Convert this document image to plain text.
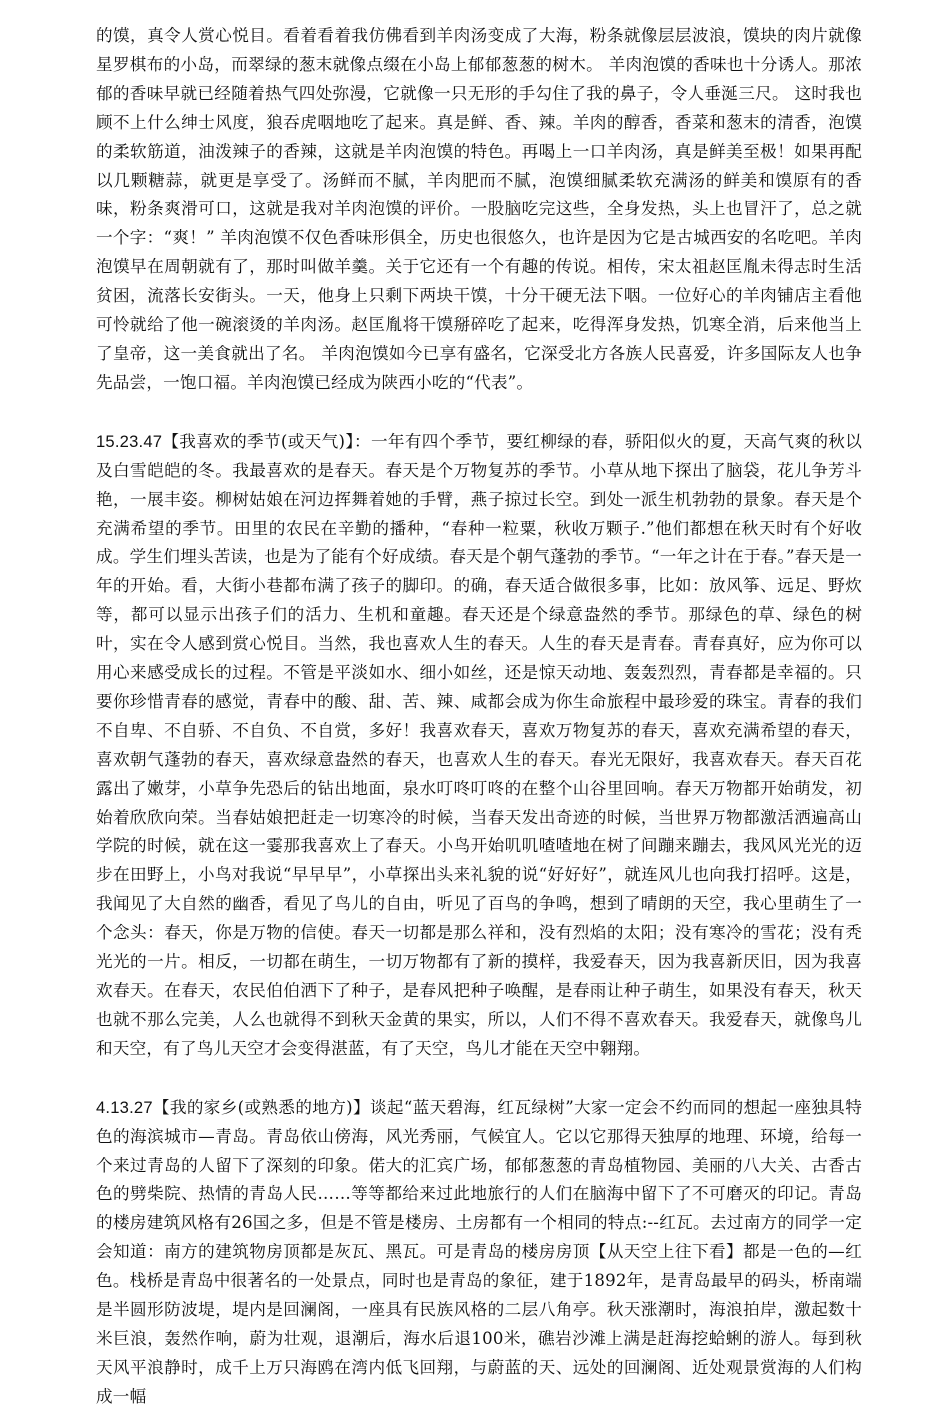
的馍，真令人赏心悦目。看着看着我仿佛看到羊肉汤变成了大海，粉条就像层层波浪，馍块的肉片就像星罗棋布的小岛，而翠绿的葱末就像点缀在小岛上郁郁葱葱的树木。 羊肉泡馍的香味也十分诱人。那浓郁的香味早就已经随着热气四处弥漫，它就像一只无形的手勾住了我的鼻子，令人垂涎三尺。 这时我也顾不上什么绅士风度，狼吞虎咽地吃了起来。真是鲜、香、辣。羊肉的醇香，香菜和葱末的清香，泡馍的柔软筋道，油泼辣子的香辣，这就是羊肉泡馍的特色。再喝上一口羊肉汤，真是鲜美至极！如果再配以几颗糖蒜，就更是享受了。汤鲜而不腻，羊肉肥而不腻，泡馍细腻柔软充满汤的鲜美和馍原有的香味，粉条爽滑可口，这就是我对羊肉泡馍的评价。一股脑吃完这些，全身发热，头上也冒汗了，总之就一个字：“爽！” 羊肉泡馍不仅色香味形俱全，历史也很悠久，也许是因为它是古城西安的名吃吧。羊肉泡馍早在周朝就有了，那时叫做羊羹。关于它还有一个有趣的传说。相传，宋太祖赵匡胤未得志时生活贫困，流落长安街头。一天，他身上只剩下两块干馍，十分干硬无法下咽。一位好心的羊肉铺店主看他可怜就给了他一碗滚烫的羊肉汤。赵匡胤将干馍掰碎吃了起来，吃得浑身发热，饥寒全消，后来他当上了皇帝，这一美食就出了名。 羊肉泡馍如今已享有盛名，它深受北方各族人民喜爱，许多国际友人也争先品尝，一饱口福。羊肉泡馍已经成为陕西小吃的“代表”。

15.23.47【我喜欢的季节(或天气)】：一年有四个季节，要红柳绿的春，骄阳似火的夏，天高气爽的秋以及白雪皑皑的冬。我最喜欢的是春天。春天是个万物复苏的季节。小草从地下探出了脑袋，花儿争芳斗艳，一展丰姿。柳树姑娘在河边挥舞着她的手臂，燕子掠过长空。到处一派生机勃勃的景象。春天是个充满希望的季节。田里的农民在辛勤的播种，“春种一粒粟，秋收万颗子.”他们都想在秋天时有个好收成。学生们埋头苦读，也是为了能有个好成绩。春天是个朝气蓬勃的季节。“一年之计在于春。”春天是一年的开始。看，大街小巷都布满了孩子的脚印。的确，春天适合做很多事，比如：放风筝、远足、野炊等，都可以显示出孩子们的活力、生机和童趣。春天还是个绿意盎然的季节。那绿色的草、绿色的树叶，实在令人感到赏心悦目。当然，我也喜欢人生的春天。人生的春天是青春。青春真好，应为你可以用心来感受成长的过程。不管是平淡如水、细小如丝，还是惊天动地、轰轰烈烈，青春都是幸福的。只要你珍惜青春的感觉，青春中的酸、甜、苦、辣、咸都会成为你生命旅程中最珍爱的珠宝。青春的我们不自卑、不自骄、不自负、不自赏，多好！我喜欢春天，喜欢万物复苏的春天，喜欢充满希望的春天，喜欢朝气蓬勃的春天，喜欢绿意盎然的春天，也喜欢人生的春天。春光无限好，我喜欢春天。春天百花露出了嫩芽，小草争先恐后的钻出地面，泉水叮咚叮咚的在整个山谷里回响。春天万物都开始萌发，初始着欣欣向荣。当春姑娘把赶走一切寒冷的时候，当春天发出奇迹的时候，当世界万物都激活洒遍高山学院的时候，就在这一霎那我喜欢上了春天。小鸟开始叽叽喳喳地在树了间蹦来蹦去，我风风光光的迈步在田野上，小鸟对我说“早早早”，小草探出头来礼貌的说“好好好”，就连风儿也向我打招呼。这是，我闻见了大自然的幽香，看见了鸟儿的自由，听见了百鸟的争鸣，想到了晴朗的天空，我心里萌生了一个念头：春天，你是万物的信使。春天一切都是那么祥和，没有烈焰的太阳；没有寒冷的雪花；没有秃光光的一片。相反，一切都在萌生，一切万物都有了新的摸样，我爱春天，因为我喜新厌旧，因为我喜欢春天。在春天，农民伯伯洒下了种子，是春风把种子唤醒，是春雨让种子萌生，如果没有春天，秋天也就不那么完美，人么也就得不到秋天金黄的果实，所以，人们不得不喜欢春天。我爱春天，就像鸟儿和天空，有了鸟儿天空才会变得湛蓝，有了天空，鸟儿才能在天空中翱翔。

4.13.27【我的家乡(或熟悉的地方)】谈起“蓝天碧海，红瓦绿树”大家一定会不约而同的想起一座独具特色的海滨城市—青岛。青岛依山傍海，风光秀丽，气候宜人。它以它那得天独厚的地理、环境，给每一个来过青岛的人留下了深刻的印象。偌大的汇宾广场，郁郁葱葱的青岛植物园、美丽的八大关、古香古色的劈柴院、热情的青岛人民……等等都给来过此地旅行的人们在脑海中留下了不可磨灭的印记。青岛的楼房建筑风格有26国之多，但是不管是楼房、土房都有一个相同的特点:--红瓦。去过南方的同学一定会知道：南方的建筑物房顶都是灰瓦、黑瓦。可是青岛的楼房房顶【从天空上往下看】都是一色的—红色。栈桥是青岛中很著名的一处景点，同时也是青岛的象征，建于1892年，是青岛最早的码头，桥南端是半圆形防波堤，堤内是回澜阁，一座具有民族风格的二层八角亭。秋天涨潮时，海浪拍岸，激起数十米巨浪，轰然作响，蔚为壮观，退潮后，海水后退100米，礁岩沙滩上满是赶海挖蛤蜊的游人。每到秋天风平浪静时，成千上万只海鸥在湾内低飞回翔，与蔚蓝的天、远处的回澜阁、近处观景赏海的人们构成一幅
